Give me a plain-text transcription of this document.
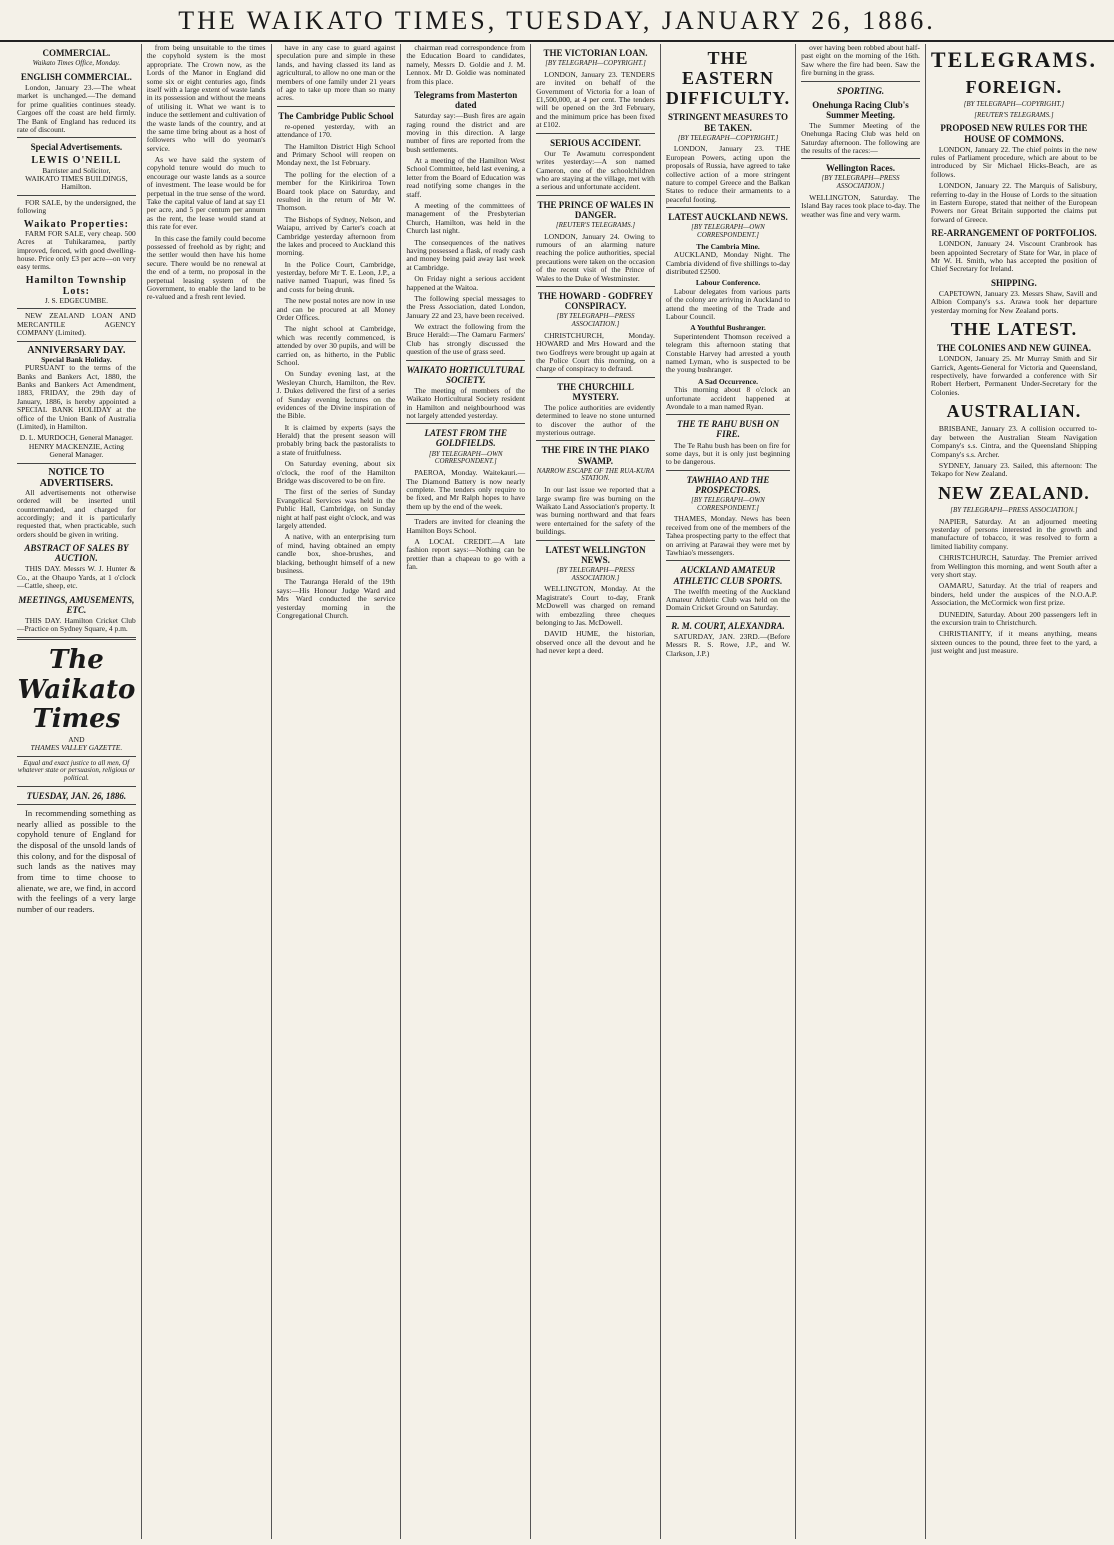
THE WAIKATO TIMES, TUESDAY, JANUARY 26, 1886.
COMMERCIAL.
Waikato Times Office, Monday.
ENGLISH COMMERCIAL.

London, January 23.—The wheat market is unchanged.—The demand for prime qualities continues steady. Cargoes off the coast are held firmly. The Bank of England has reduced its rate of discount.

Special Advertisements.
LEWIS O'NEILL
Barrister and Solicitor,
WAIKATO TIMES BUILDINGS, Hamilton.

FOR SALE, by the undersigned, the following

Waikato Properties:

FARM FOR SALE, very cheap. 500 Acres at Tuhikaramea, partly improved, fenced, with good dwelling-house. Price only £3 per acre—on very easy terms.

Hamilton Township Lots:
J. S. EDGECUMBE.

NEW ZEALAND LOAN AND MERCANTILE AGENCY COMPANY (Limited).

ANNIVERSARY DAY.
Special Bank Holiday.

PURSUANT to the terms of the Banks and Bankers Act, 1880, the Banks and Bankers Act Amendment, 1883, FRIDAY, the 29th day of January, 1886, is hereby appointed a SPECIAL BANK HOLIDAY at the office of the Union Bank of Australia (Limited), in Hamilton.

D. L. MURDOCH, General Manager.
HENRY MACKENZIE, Acting General Manager.
NOTICE TO ADVERTISERS.

All advertisements not otherwise ordered will be inserted until countermanded, and charged for accordingly; and it is particularly requested that, when practicable, such orders should be given in writing.

ABSTRACT OF SALES BY AUCTION.

THIS DAY. Messrs W. J. Hunter & Co., at the Ohaupo Yards, at 1 o'clock—Cattle, sheep, etc.

MEETINGS, AMUSEMENTS, ETC.

THIS DAY. Hamilton Cricket Club—Practice on Sydney Square, 4 p.m.

The Waikato Times
AND
THAMES VALLEY GAZETTE.
Equal and exact justice to all men, Of whatever state or persuasion, religious or political.
TUESDAY, JAN. 26, 1886.

In recommending something as nearly allied as possible to the copyhold tenure of England for the disposal of the unsold lands of this colony, and for the disposal of such lands as the natives may from time to time choose to alienate, we are, we find, in accord with the feelings of a very large number of our readers.

from being unsuitable to the times the copyhold system is the most appropriate. The Crown now, as the Lords of the Manor in England did some six or eight centuries ago, finds itself with a large extent of waste lands in its possession and without the means of utilising it. What we want is to induce the settlement and cultivation of the waste lands of the country, and at the same time bring about as a host of followers who will do yeoman's service.

As we have said the system of copyhold tenure would do much to encourage our waste lands as a source of investment. The lease would be for perpetual in the true sense of the word. Take the capital value of land at say £1 per acre, and 5 per centum per annum as the rent, the lease would stand at this rate for ever.

In this case the family could become possessed of freehold as by right; and the settler would then have his home secure. There would be no renewal at the end of a term, no proposal in the perpetual leasing system of the Government, to enable the land to be re-valued and a fresh rent levied.

have in any case to guard against speculation pure and simple in these lands, and having classed its land as agricultural, to allow no one man or the members of one family under 21 years of age to take up more than so many acres.

The Cambridge Public School

re-opened yesterday, with an attendance of 170.

The Hamilton District High School and Primary School will reopen on Monday next, the 1st February.

The polling for the election of a member for the Kirikiriroa Town Board took place on Saturday, and resulted in the return of Mr W. Thomson.

The Bishops of Sydney, Nelson, and Waiapu, arrived by Carter's coach at Cambridge yesterday afternoon from the lakes and proceed to Auckland this morning.

In the Police Court, Cambridge, yesterday, before Mr T. E. Leon, J.P., a native named Tuapuri, was fined 5s and costs for being drunk.

The new postal notes are now in use and can be procured at all Money Order Offices.

The night school at Cambridge, which was recently commenced, is attended by over 30 pupils, and will be carried on, as hitherto, in the Public School.

On Sunday evening last, at the Wesleyan Church, Hamilton, the Rev. J. Dukes delivered the first of a series of Sunday evening lectures on the evidences of the Divine inspiration of the Bible.

It is claimed by experts (says the Herald) that the present season will probably bring back the pastoralists to a state of fruitfulness.

On Saturday evening, about six o'clock, the roof of the Hamilton Bridge was discovered to be on fire.

The first of the series of Sunday Evangelical Services was held in the Public Hall, Cambridge, on Sunday night at half past eight o'clock, and was largely attended.

A native, with an enterprising turn of mind, having obtained an empty candle box, shoe-brushes, and blacking, bethought himself of a new business.

The Tauranga Herald of the 19th says:—His Honour Judge Ward and Mrs Ward conducted the service yesterday morning in the Congregational Church.

chairman read correspondence from the Education Board to candidates, namely, Messrs D. Goldie and J. M. Lennox. Mr D. Goldie was nominated from this place.

Telegrams from Masterton dated

Saturday say:—Bush fires are again raging round the district and are moving in this direction. A large number of fires are reported from the bush settlements.

At a meeting of the Hamilton West School Committee, held last evening, a letter from the Board of Education was read notifying some changes in the staff.

A meeting of the committees of management of the Presbyterian Church, Hamilton, was held in the Church last night.

The consequences of the natives having possessed a flask, of ready cash and money being paid away last week at Cambridge.

On Friday night a serious accident happened at the Waitoa.

The following special messages to the Press Association, dated London, January 22 and 23, have been received.

We extract the following from the Bruce Herald:—The Oamaru Farmers' Club has strongly discussed the question of the use of grass seed.

WAIKATO HORTICULTURAL SOCIETY.

The meeting of members of the Waikato Horticultural Society resident in Hamilton and neighbourhood was not largely attended yesterday.

LATEST FROM THE GOLDFIELDS.
[BY TELEGRAPH—OWN CORRESPONDENT.]

PAEROA, Monday. Waitekauri.—The Diamond Battery is now nearly complete. The tenders only require to be fixed, and Mr Ralph hopes to have them up by the end of the week.

Traders are invited for cleaning the Hamilton Boys School.

A LOCAL CREDIT.—A late fashion report says:—Nothing can be prettier than a chapeau to go with a fan.

THE VICTORIAN LOAN.
[BY TELEGRAPH—COPYRIGHT.]

LONDON, January 23. TENDERS are invited on behalf of the Government of Victoria for a loan of £1,500,000, at 4 per cent. The tenders will be opened on the 3rd February, and the minimum price has been fixed at £102.

SERIOUS ACCIDENT.

Our Te Awamutu correspondent writes yesterday:—A son named Cameron, one of the schoolchildren who are staying at the village, met with a serious and unfortunate accident.

THE PRINCE OF WALES IN DANGER.
[REUTER'S TELEGRAMS.]

LONDON, January 24. Owing to rumours of an alarming nature reaching the police authorities, special precautions were taken on the occasion of the recent visit of the Prince of Wales to the Duke of Westminster.

THE HOWARD - GODFREY CONSPIRACY.
[BY TELEGRAPH—PRESS ASSOCIATION.]

CHRISTCHURCH, Monday. HOWARD and Mrs Howard and the two Godfreys were brought up again at the Police Court this morning, on a charge of conspiracy to defraud.

THE CHURCHILL MYSTERY.

The police authorities are evidently determined to leave no stone unturned to discover the author of the mysterious outrage.

THE FIRE IN THE PIAKO SWAMP.
NARROW ESCAPE OF THE RUA-KURA STATION.

In our last issue we reported that a large swamp fire was burning on the Waikato Land Association's property. It was burning northward and that fears were entertained for the safety of the buildings.

LATEST WELLINGTON NEWS.
[BY TELEGRAPH—PRESS ASSOCIATION.]

WELLINGTON, Monday. At the Magistrate's Court to-day, Frank McDowell was charged on remand with embezzling three cheques belonging to Jas. McDowell.

DAVID HUME, the historian, observed once all the devout and he had never kept a deed.

THE EASTERN DIFFICULTY.
STRINGENT MEASURES TO BE TAKEN.
[BY TELEGRAPH—COPYRIGHT.]

LONDON, January 23. THE European Powers, acting upon the proposals of Russia, have agreed to take collective action of a more stringent nature to compel Greece and the Balkan States to reduce their armaments to a peaceful footing.

LATEST AUCKLAND NEWS.
[BY TELEGRAPH—OWN CORRESPONDENT.]
The Cambria Mine.

AUCKLAND, Monday Night. The Cambria dividend of five shillings to-day distributed £2500.

Labour Conference.

Labour delegates from various parts of the colony are arriving in Auckland to attend the meeting of the Trade and Labour Council.

A Youthful Bushranger.

Superintendent Thomson received a telegram this afternoon stating that Constable Harvey had arrested a youth named Lyman, who is suspected to be the young bushranger.

A Sad Occurrence.

This morning about 8 o'clock an unfortunate accident happened at Avondale to a man named Ryan.

THE TE RAHU BUSH ON FIRE.

The Te Rahu bush has been on fire for some days, but it is only just beginning to be dangerous.

TAWHIAO AND THE PROSPECTORS.
[BY TELEGRAPH—OWN CORRESPONDENT.]

THAMES, Monday. News has been received from one of the members of the Tahea prospecting party to the effect that on arriving at Parawai they were met by Tawhiao's messengers.

AUCKLAND AMATEUR ATHLETIC CLUB SPORTS.

The twelfth meeting of the Auckland Amateur Athletic Club was held on the Domain Cricket Ground on Saturday.

R. M. COURT, ALEXANDRA.

SATURDAY, JAN. 23RD.—(Before Messrs R. S. Rowe, J.P., and W. Clarkson, J.P.)

over having been robbed about half-past eight on the morning of the 16th. Saw where the fire had been. Saw the fire burning in the grass.

SPORTING.
Onehunga Racing Club's Summer Meeting.

The Summer Meeting of the Onehunga Racing Club was held on Saturday afternoon. The following are the results of the races:—

Wellington Races.
[BY TELEGRAPH—PRESS ASSOCIATION.]

WELLINGTON, Saturday. The Island Bay races took place to-day. The weather was fine and very warm.

TELEGRAMS.
FOREIGN.
[BY TELEGRAPH—COPYRIGHT.]
[REUTER'S TELEGRAMS.]
PROPOSED NEW RULES FOR THE HOUSE OF COMMONS.

LONDON, January 22. The chief points in the new rules of Parliament procedure, which are about to be introduced by Sir Michael Hicks-Beach, are as follows.

LONDON, January 22. The Marquis of Salisbury, referring to-day in the House of Lords to the situation in Eastern Europe, stated that neither of the European Powers nor Great Britain supported the claims put forward of Greece.

RE-ARRANGEMENT OF PORTFOLIOS.

LONDON, January 24. Viscount Cranbrook has been appointed Secretary of State for War, in place of Mr W. H. Smith, who has accepted the position of Chief Secretary for Ireland.

SHIPPING.

CAPETOWN, January 23. Messrs Shaw, Savill and Albion Company's s.s. Arawa took her departure yesterday morning for New Zealand ports.

THE LATEST.
THE COLONIES AND NEW GUINEA.

LONDON, January 25. Mr Murray Smith and Sir Garrick, Agents-General for Victoria and Queensland, respectively, have forwarded a conference with Sir Robert Herbert, Permanent Under-Secretary for the Colonies.

AUSTRALIAN.

BRISBANE, January 23. A collision occurred to-day between the Australian Steam Navigation Company's s.s. Cintra, and the Queensland Shipping Company's s.s. Archer.

SYDNEY, January 23. Sailed, this afternoon: The Tekapo for New Zealand.

NEW ZEALAND.
[BY TELEGRAPH—PRESS ASSOCIATION.]

NAPIER, Saturday. At an adjourned meeting yesterday of persons interested in the growth and manufacture of tobacco, it was resolved to form a limited liability company.

CHRISTCHURCH, Saturday. The Premier arrived from Wellington this morning, and went South after a very short stay.

OAMARU, Saturday. At the trial of reapers and binders, held under the auspices of the N.O.A.P. Association, the McCormick won first prize.

DUNEDIN, Saturday. About 200 passengers left in the excursion train to Christchurch.

CHRISTIANITY, if it means anything, means sixteen ounces to the pound, three feet to the yard, a just weight and just measure.
